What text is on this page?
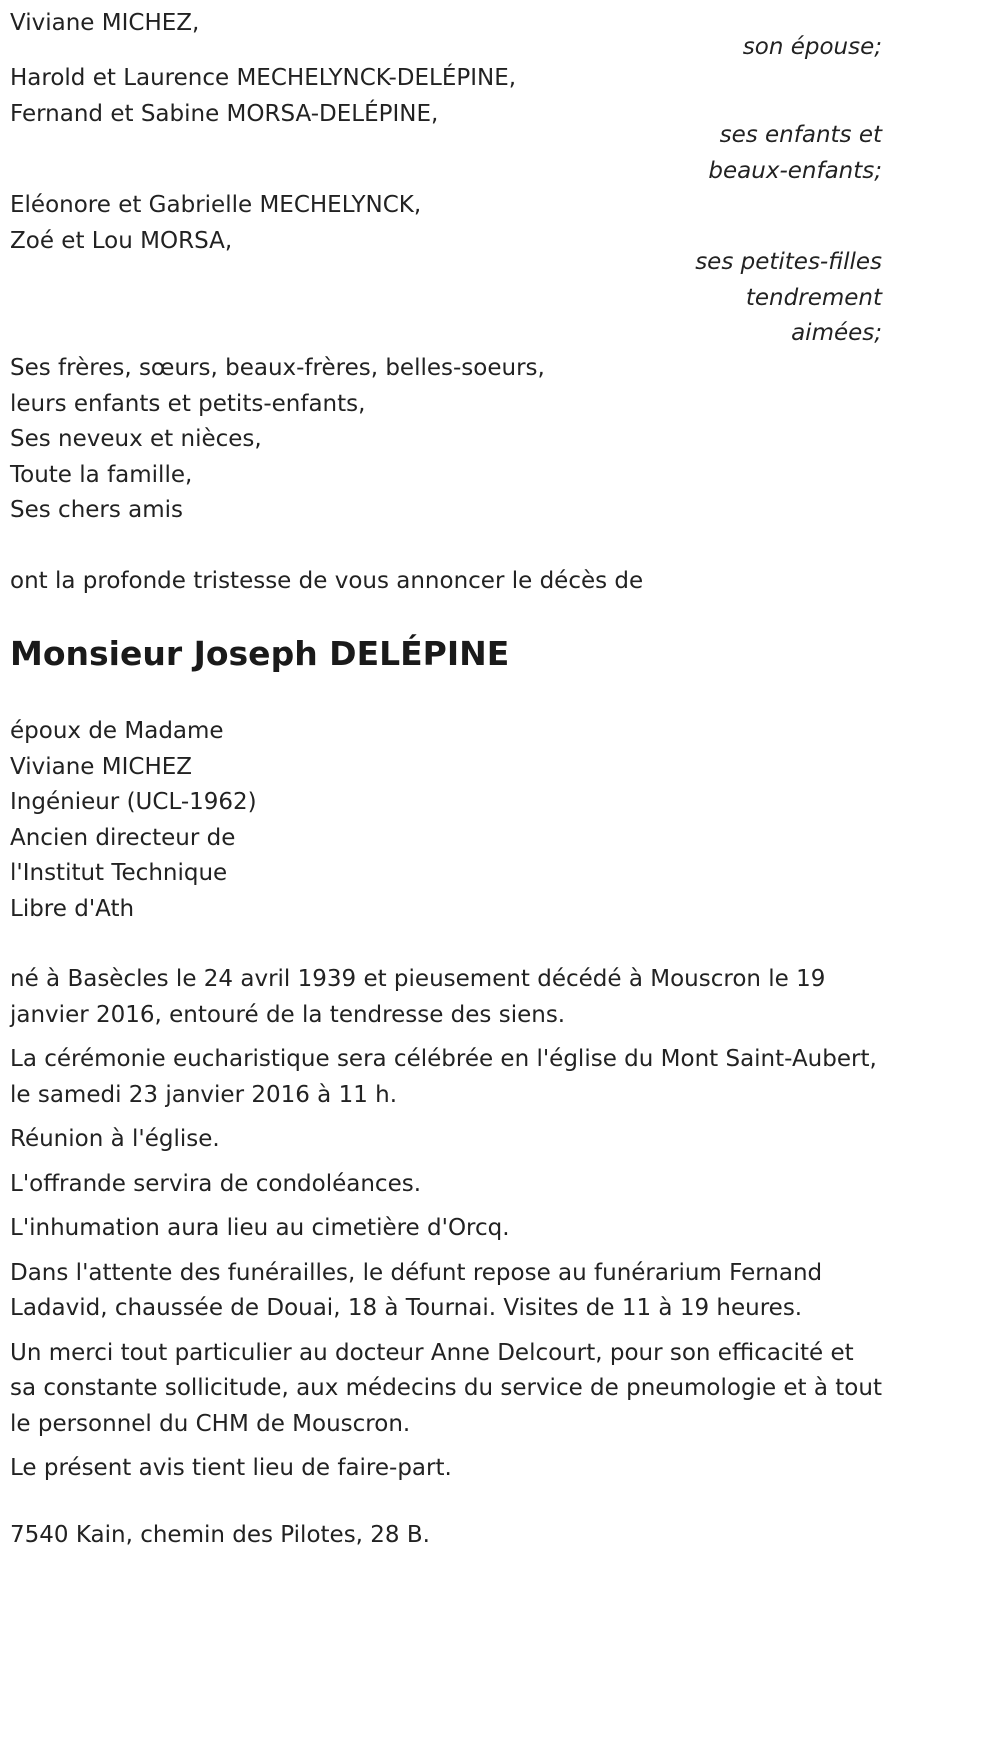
Viviane MICHEZ,
son épouse;
Harold et Laurence MECHELYNCK-DELÉPINE,
Fernand et Sabine MORSA-DELÉPINE,
ses enfants et
beaux-enfants;
Eléonore et Gabrielle MECHELYNCK,
Zoé et Lou MORSA,
ses petites-filles
tendrement
aimées;
Ses frères, sœurs, beaux-frères, belles-soeurs,
leurs enfants et petits-enfants,
Ses neveux et nièces,
Toute la famille,
Ses chers amis
ont la profonde tristesse de vous annoncer le décès de
Monsieur Joseph DELÉPINE
époux de Madame
Viviane MICHEZ
Ingénieur (UCL-1962)
Ancien directeur de
l'Institut Technique
Libre d'Ath

né à Basècles le 24 avril 1939 et pieusement décédé à Mouscron le 19 janvier 2016, entouré de la tendresse des siens.

La cérémonie eucharistique sera célébrée en l'église du Mont Saint-Aubert, le samedi 23 janvier 2016 à 11 h.

Réunion à l'église.

L'offrande servira de condoléances.

L'inhumation aura lieu au cimetière d'Orcq.

Dans l'attente des funérailles, le défunt repose au funérarium Fernand Ladavid, chaussée de Douai, 18 à Tournai. Visites de 11 à 19 heures.

Un merci tout particulier au docteur Anne Delcourt, pour son efficacité et sa constante sollicitude, aux médecins du service de pneumologie et à tout le personnel du CHM de Mouscron.

Le présent avis tient lieu de faire-part.

7540 Kain, chemin des Pilotes, 28 B.
